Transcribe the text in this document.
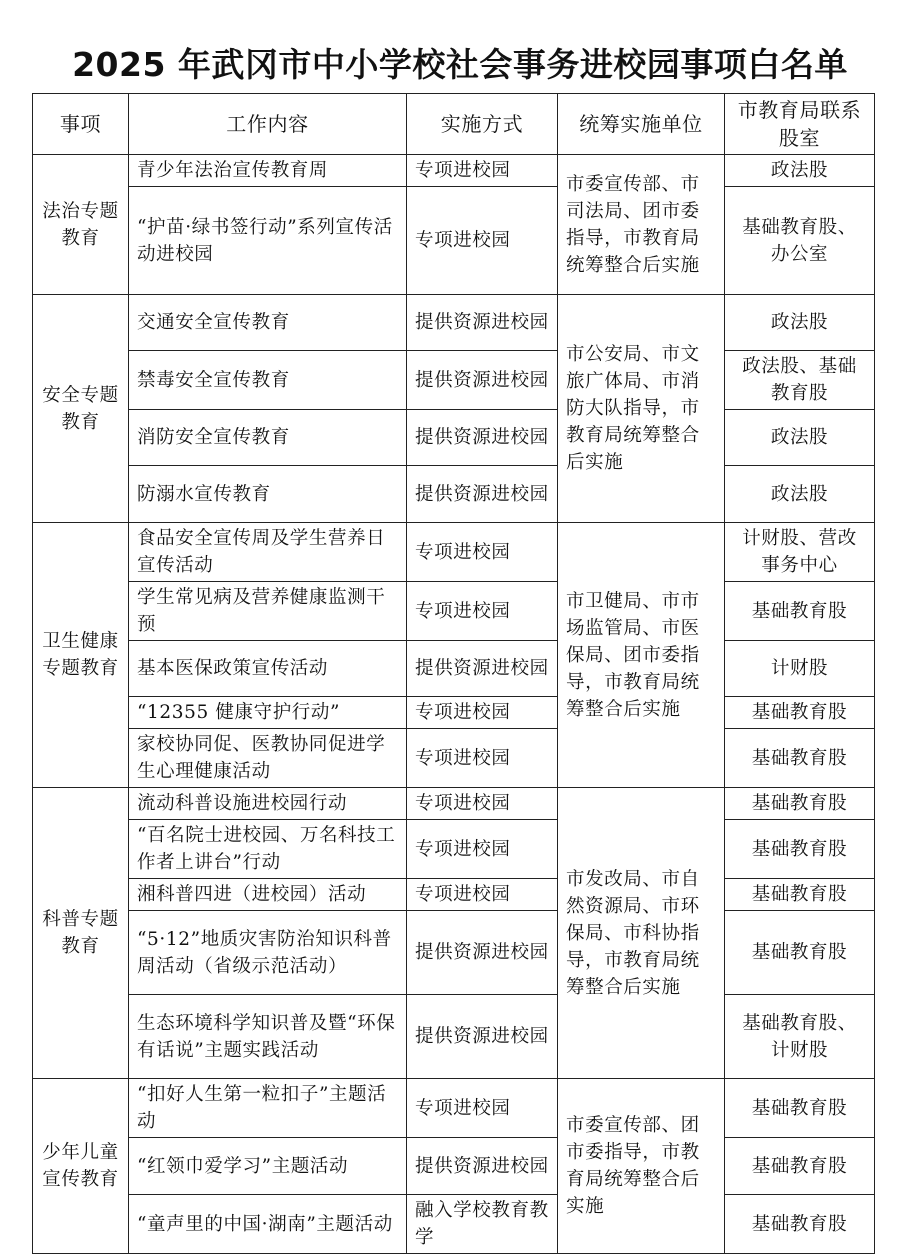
2025 年武冈市中小学校社会事务进校园事项白名单
事项	工作内容	实施方式	统筹实施单位	市教育局联系股室
法治专题教育	青少年法治宣传教育周	专项进校园	市委宣传部、市司法局、团市委指导，市教育局统筹整合后实施	政法股
	“护苗·绿书签行动”系列宣传活动进校园	专项进校园		基础教育股、办公室
安全专题教育	交通安全宣传教育	提供资源进校园	市公安局、市文旅广体局、市消防大队指导，市教育局统筹整合后实施	政法股
	禁毒安全宣传教育	提供资源进校园		政法股、基础教育股
	消防安全宣传教育	提供资源进校园		政法股
	防溺水宣传教育	提供资源进校园		政法股
卫生健康专题教育	食品安全宣传周及学生营养日宣传活动	专项进校园	市卫健局、市市场监管局、市医保局、团市委指导，市教育局统筹整合后实施	计财股、营改事务中心
	学生常见病及营养健康监测干预	专项进校园		基础教育股
	基本医保政策宣传活动	提供资源进校园		计财股
	“12355 健康守护行动”	专项进校园		基础教育股
	家校协同促、医教协同促进学生心理健康活动	专项进校园		基础教育股
科普专题教育	流动科普设施进校园行动	专项进校园	市发改局、市自然资源局、市环保局、市科协指导，市教育局统筹整合后实施	基础教育股
	“百名院士进校园、万名科技工作者上讲台”行动	专项进校园		基础教育股
	湘科普四进（进校园）活动	专项进校园		基础教育股
	“5·12”地质灾害防治知识科普周活动（省级示范活动）	提供资源进校园		基础教育股
	生态环境科学知识普及暨“环保有话说”主题实践活动	提供资源进校园		基础教育股、计财股
少年儿童宣传教育	“扣好人生第一粒扣子”主题活动	专项进校园	市委宣传部、团市委指导，市教育局统筹整合后实施	基础教育股
	“红领巾爱学习”主题活动	提供资源进校园		基础教育股
	“童声里的中国·湖南”主题活动	融入学校教育教学		基础教育股
